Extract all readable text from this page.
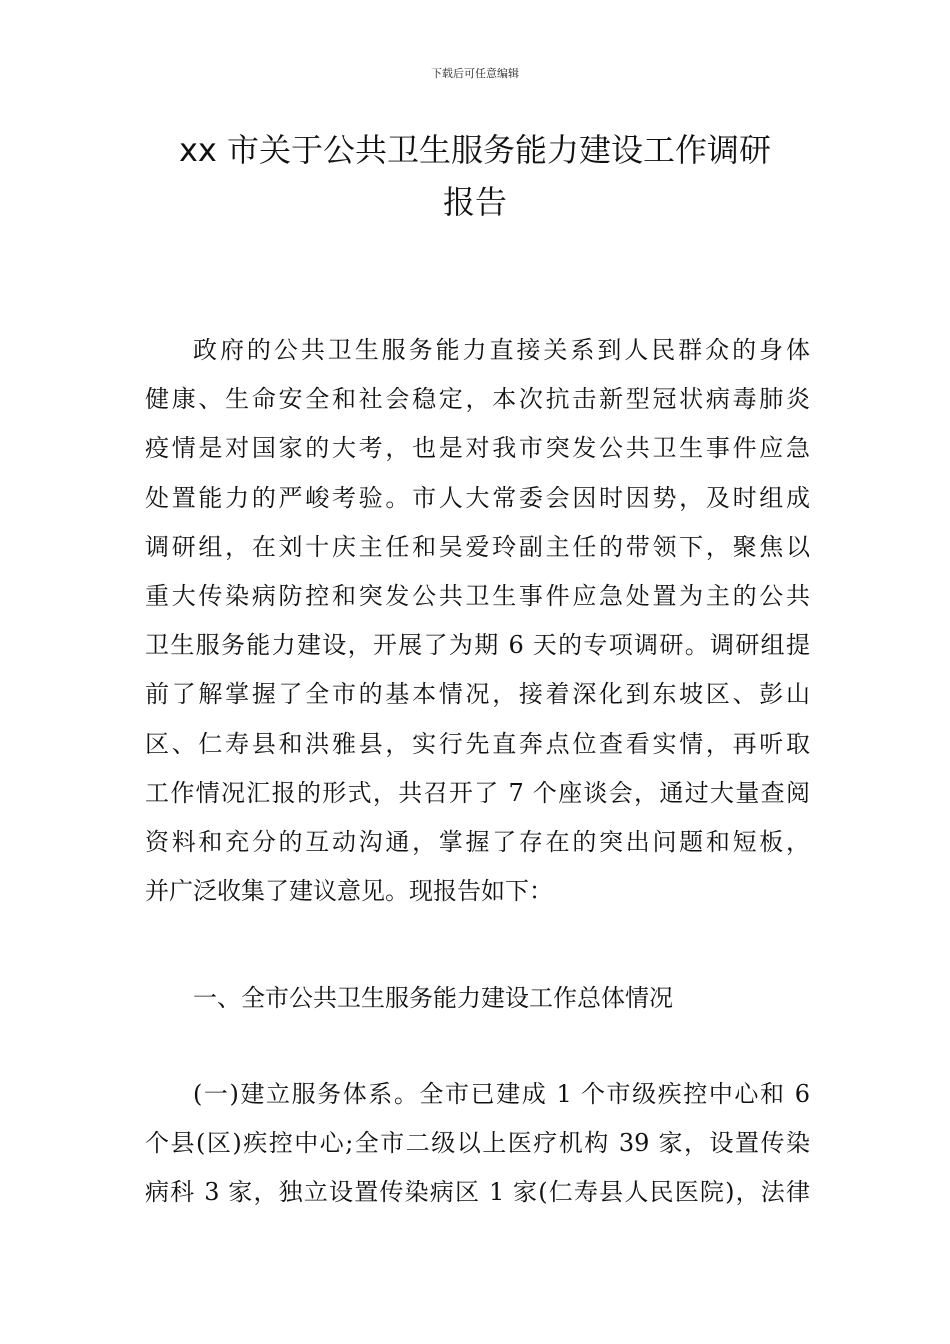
下载后可任意编辑
xx 市关于公共卫生服务能力建设工作调研
报告
政府的公共卫生服务能力直接关系到人民群众的身体
健康、生命安全和社会稳定，本次抗击新型冠状病毒肺炎
疫情是对国家的大考，也是对我市突发公共卫生事件应急
处置能力的严峻考验。市人大常委会因时因势，及时组成
调研组，在刘十庆主任和吴爱玲副主任的带领下，聚焦以
重大传染病防控和突发公共卫生事件应急处置为主的公共
卫生服务能力建设，开展了为期 6 天的专项调研。调研组提
前了解掌握了全市的基本情况，接着深化到东坡区、彭山
区、仁寿县和洪雅县，实行先直奔点位查看实情，再听取
工作情况汇报的形式，共召开了 7 个座谈会，通过大量查阅
资料和充分的互动沟通，掌握了存在的突出问题和短板，
并广泛收集了建议意见。现报告如下：
一、全市公共卫生服务能力建设工作总体情况
(一)建立服务体系。全市已建成 1 个市级疾控中心和 6
个县(区)疾控中心;全市二级以上医疗机构 39 家，设置传染
病科 3 家，独立设置传染病区 1 家(仁寿县人民医院)，法律
